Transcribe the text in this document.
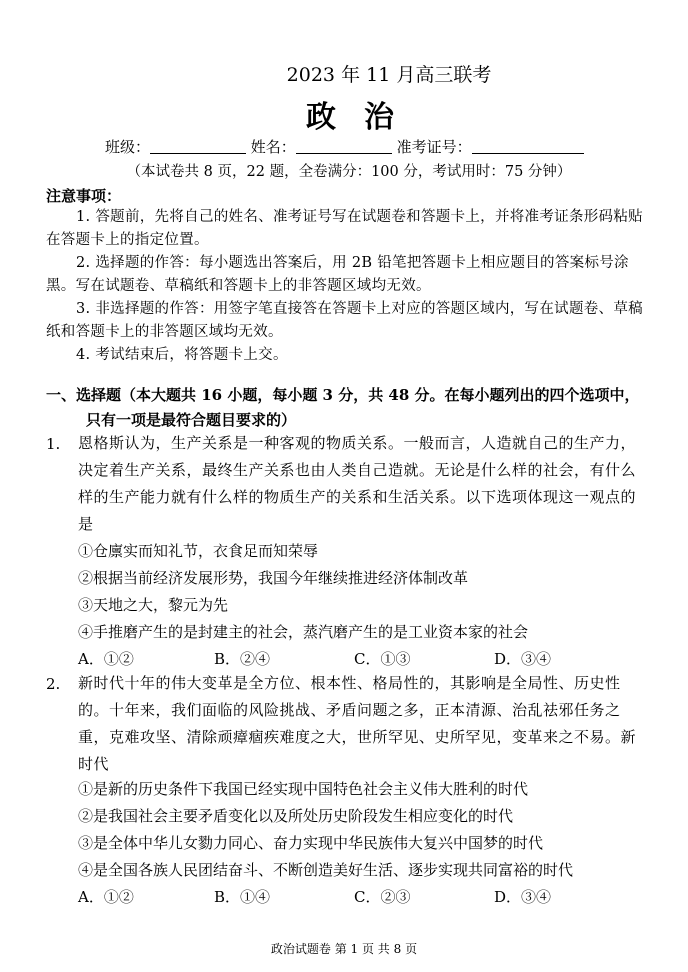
2023 年 11 月高三联考
政治
班级：	姓名：	准考证号：
（本试卷共 8 页，22 题，全卷满分：100 分，考试用时：75 分钟）
注意事项：
1. 答题前，先将自己的姓名、准考证号写在试题卷和答题卡上，并将准考证条形码粘贴在答题卡上的指定位置。
2. 选择题的作答：每小题选出答案后，用 2B 铅笔把答题卡上相应题目的答案标号涂黑。写在试题卷、草稿纸和答题卡上的非答题区域均无效。
3. 非选择题的作答：用签字笔直接答在答题卡上对应的答题区域内，写在试题卷、草稿纸和答题卡上的非答题区域均无效。
4. 考试结束后，将答题卡上交。
一、选择题（本大题共 16 小题，每小题 3 分，共 48 分。在每小题列出的四个选项中，
只有一项是最符合题目要求的）
1. 恩格斯认为，生产关系是一种客观的物质关系。一般而言，人造就自己的生产力，决定着生产关系，最终生产关系也由人类自己造就。无论是什么样的社会，有什么样的生产能力就有什么样的物质生产的关系和生活关系。以下选项体现这一观点的是
①仓廪实而知礼节，衣食足而知荣辱
②根据当前经济发展形势，我国今年继续推进经济体制改革
③天地之大，黎元为先
④手推磨产生的是封建主的社会，蒸汽磨产生的是工业资本家的社会
A．①②	B．②④	C．①③	D．③④
2. 新时代十年的伟大变革是全方位、根本性、格局性的，其影响是全局性、历史性的。十年来，我们面临的风险挑战、矛盾问题之多，正本清源、治乱祛邪任务之重，克难攻坚、清除顽瘴痼疾难度之大，世所罕见、史所罕见，变革来之不易。新时代
①是新的历史条件下我国已经实现中国特色社会主义伟大胜利的时代
②是我国社会主要矛盾变化以及所处历史阶段发生相应变化的时代
③是全体中华儿女勠力同心、奋力实现中华民族伟大复兴中国梦的时代
④是全国各族人民团结奋斗、不断创造美好生活、逐步实现共同富裕的时代
A．①②	B．①④	C．②③	D．③④
政治试题卷 第 1 页 共 8 页
